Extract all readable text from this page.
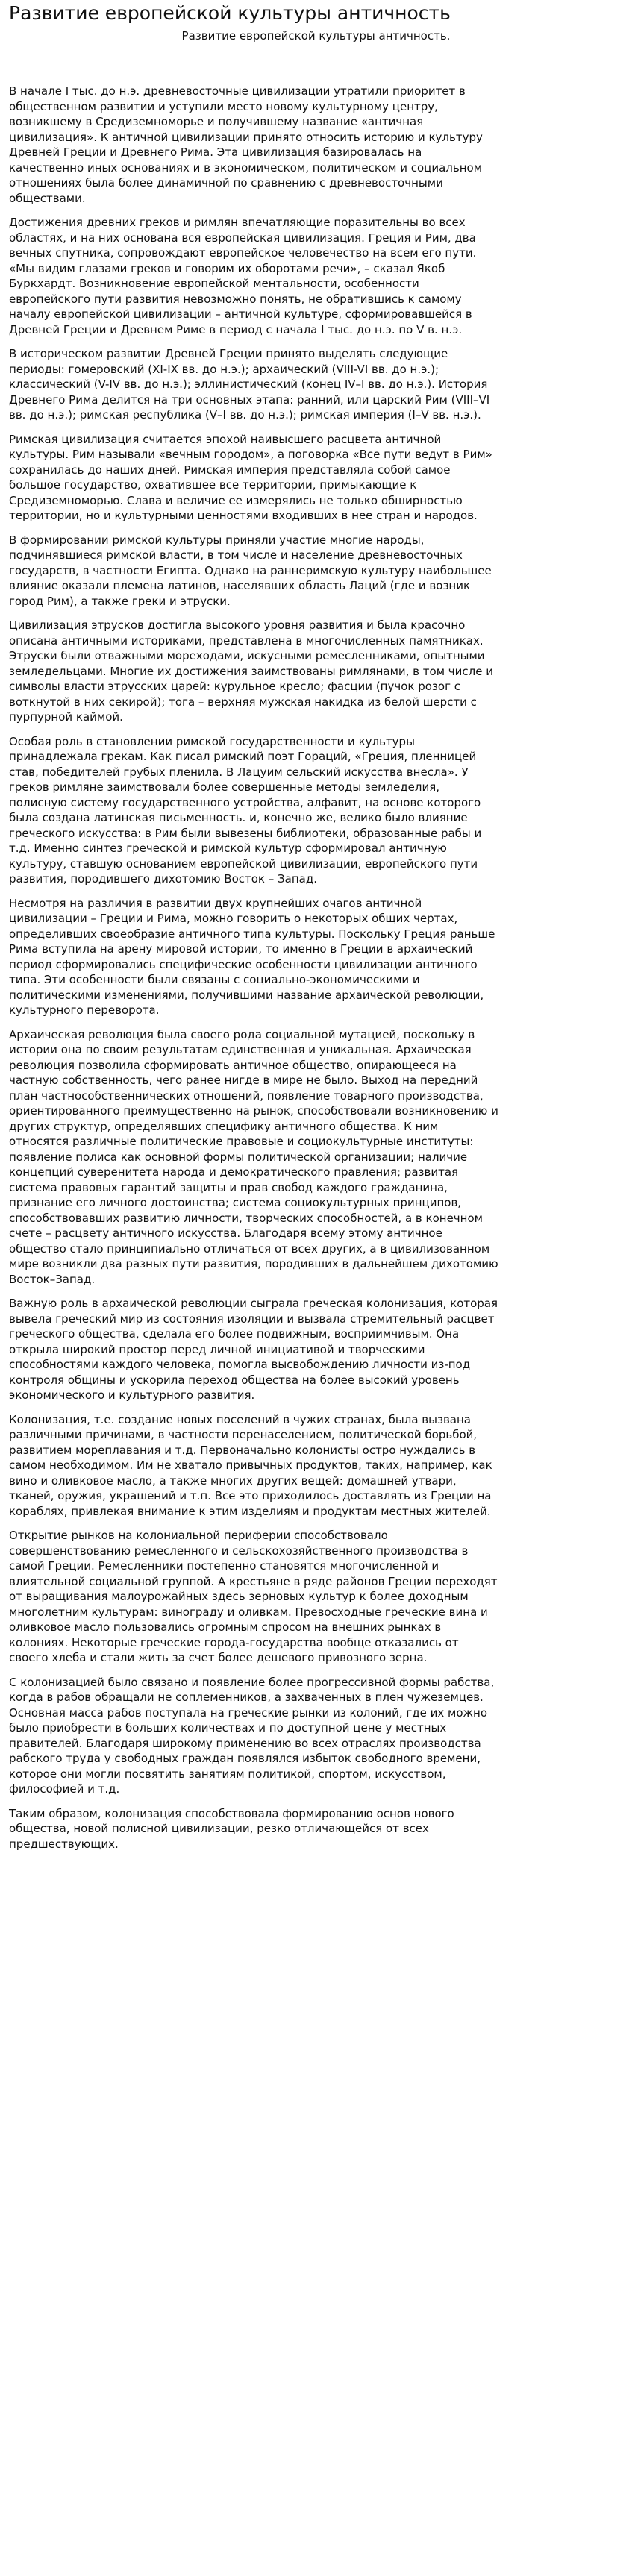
Развитие европейской культуры античность
Развитие европейской культуры античность.

В начале I тыс. до н.э. древневосточные цивилизации утратили приоритет в
общественном развитии и уступили место новому культурному центру,
возникшему в Средиземноморье и получившему название «античная
цивилизация». К античной цивилизации принято относить историю и культуру
Древней Греции и Древнего Рима. Эта цивилизация базировалась на
качественно иных основаниях и в экономическом, политическом и социальном
отношениях была более динамичной по сравнению с древневосточными
обществами.

Достижения древних греков и римлян впечатляющие поразительны во всех
областях, и на них основана вся европейская цивилизация. Греция и Рим, два
вечных спутника, сопровождают европейское человечество на всем его пути.
«Мы видим глазами греков и говорим их оборотами речи», – сказал Якоб
Буркхардт. Возникновение европейской ментальности, особенности
европейского пути развития невозможно понять, не обратившись к самому
началу европейской цивилизации – античной культуре, сформировавшейся в
Древней Греции и Древнем Риме в период с начала I тыс. до н.э. по V в. н.э.

В историческом развитии Древней Греции принято выделять следующие
периоды: гомеровский (XI-IX вв. до н.э.); архаический (VIII-VI вв. до н.э.);
классический (V-IV вв. до н.э.); эллинистический (конец IV–I вв. до н.э.). История
Древнего Рима делится на три основных этапа: ранний, или царский Рим (VIII–VI
вв. до н.э.); римская республика (V–I вв. до н.э.); римская империя (I–V вв. н.э.).

Римская цивилизация считается эпохой наивысшего расцвета античной
культуры. Рим называли «вечным городом», а поговорка «Все пути ведут в Рим»
сохранилась до наших дней. Римская империя представляла собой самое
большое государство, охватившее все территории, примыкающие к
Средиземноморью. Слава и величие ее измерялись не только обширностью
территории, но и культурными ценностями входивших в нее стран и народов.

В формировании римской культуры приняли участие многие народы,
подчинявшиеся римской власти, в том числе и население древневосточных
государств, в частности Египта. Однако на раннеримскую культуру наибольшее
влияние оказали племена латинов, населявших область Лаций (где и возник
город Рим), а также греки и этруски.

Цивилизация этрусков достигла высокого уровня развития и была красочно
описана античными историками, представлена в многочисленных памятниках.
Этруски были отважными мореходами, искусными ремесленниками, опытными
земледельцами. Многие их достижения заимствованы римлянами, в том числе и
символы власти этрусских царей: курульное кресло; фасции (пучок розог с
воткнутой в них секирой); тога – верхняя мужская накидка из белой шерсти с
пурпурной каймой.

Особая роль в становлении римской государственности и культуры
принадлежала грекам. Как писал римский поэт Гораций, «Греция, пленницей
став, победителей грубых пленила. В Лацуим сельский искусства внесла». У
греков римляне заимствовали более совершенные методы земледелия,
полисную систему государственного устройства, алфавит, на основе которого
была создана латинская письменность. и, конечно же, велико было влияние
греческого искусства: в Рим были вывезены библиотеки, образованные рабы и
т.д. Именно синтез греческой и римской культур сформировал античную
культуру, ставшую основанием европейской цивилизации, европейского пути
развития, породившего дихотомию Восток – Запад.

Несмотря на различия в развитии двух крупнейших очагов античной
цивилизации – Греции и Рима, можно говорить о некоторых общих чертах,
определивших своеобразие античного типа культуры. Поскольку Греция раньше
Рима вступила на арену мировой истории, то именно в Греции в архаический
период сформировались специфические особенности цивилизации античного
типа. Эти особенности были связаны с социально-экономическими и
политическими изменениями, получившими название архаической революции,
культурного переворота.

Архаическая революция была своего рода социальной мутацией, поскольку в
истории она по своим результатам единственная и уникальная. Архаическая
революция позволила сформировать античное общество, опирающееся на
частную собственность, чего ранее нигде в мире не было. Выход на передний
план частнособственнических отношений, появление товарного производства,
ориентированного преимущественно на рынок, способствовали возникновению и
других структур, определявших специфику античного общества. К ним
относятся различные политические правовые и социокультурные институты:
появление полиса как основной формы политической организации; наличие
концепций суверенитета народа и демократического правления; развитая
система правовых гарантий защиты и прав свобод каждого гражданина,
признание его личного достоинства; система социокультурных принципов,
способствовавших развитию личности, творческих способностей, а в конечном
счете – расцвету античного искусства. Благодаря всему этому античное
общество стало принципиально отличаться от всех других, а в цивилизованном
мире возникли два разных пути развития, породивших в дальнейшем дихотомию
Восток–Запад.

Важную роль в архаической революции сыграла греческая колонизация, которая
вывела греческий мир из состояния изоляции и вызвала стремительный расцвет
греческого общества, сделала его более подвижным, восприимчивым. Она
открыла широкий простор перед личной инициативой и творческими
способностями каждого человека, помогла высвобождению личности из-под
контроля общины и ускорила переход общества на более высокий уровень
экономического и культурного развития.

Колонизация, т.е. создание новых поселений в чужих странах, была вызвана
различными причинами, в частности перенаселением, политической борьбой,
развитием мореплавания и т.д. Первоначально колонисты остро нуждались в
самом необходимом. Им не хватало привычных продуктов, таких, например, как
вино и оливковое масло, а также многих других вещей: домашней утвари,
тканей, оружия, украшений и т.п. Все это приходилось доставлять из Греции на
кораблях, привлекая внимание к этим изделиям и продуктам местных жителей.

Открытие рынков на колониальной периферии способствовало
совершенствованию ремесленного и сельскохозяйственного производства в
самой Греции. Ремесленники постепенно становятся многочисленной и
влиятельной социальной группой. А крестьяне в ряде районов Греции переходят
от выращивания малоурожайных здесь зерновых культур к более доходным
многолетним культурам: винограду и оливкам. Превосходные греческие вина и
оливковое масло пользовались огромным спросом на внешних рынках в
колониях. Некоторые греческие города-государства вообще отказались от
своего хлеба и стали жить за счет более дешевого привозного зерна.

С колонизацией было связано и появление более прогрессивной формы рабства,
когда в рабов обращали не соплеменников, а захваченных в плен чужеземцев.
Основная масса рабов поступала на греческие рынки из колоний, где их можно
было приобрести в больших количествах и по доступной цене у местных
правителей. Благодаря широкому применению во всех отраслях производства
рабского труда у свободных граждан появлялся избыток свободного времени,
которое они могли посвятить занятиям политикой, спортом, искусством,
философией и т.д.

Таким образом, колонизация способствовала формированию основ нового
общества, новой полисной цивилизации, резко отличающейся от всех
предшествующих.
